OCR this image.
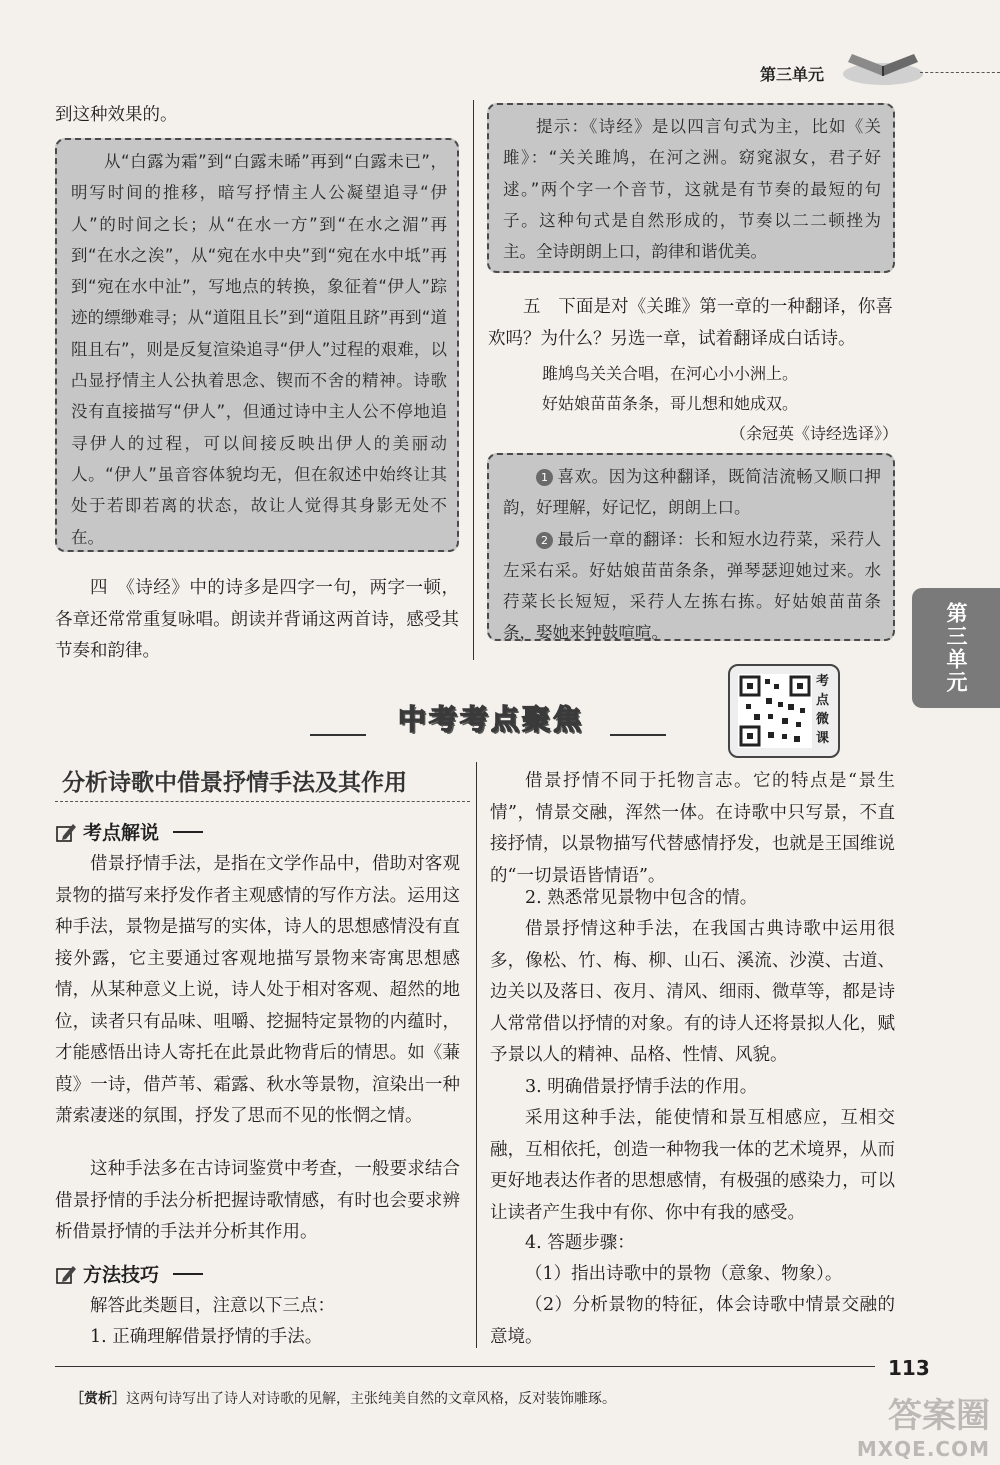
第三单元

到这种效果的。

从“白露为霜”到“白露未晞”再到“白露未已”，明写时间的推移，暗写抒情主人公凝望追寻“伊人”的时间之长；从“在水一方”到“在水之湄”再到“在水之涘”，从“宛在水中央”到“宛在水中坻”再到“宛在水中沚”，写地点的转换，象征着“伊人”踪迹的缥缈难寻；从“道阻且长”到“道阻且跻”再到“道阻且右”，则是反复渲染追寻“伊人”过程的艰难，以凸显抒情主人公执着思念、锲而不舍的精神。诗歌没有直接描写“伊人”，但通过诗中主人公不停地追寻伊人的过程，可以间接反映出伊人的美丽动人。“伊人”虽音容体貌均无，但在叙述中始终让其处于若即若离的状态，故让人觉得其身影无处不在。

四　《诗经》中的诗多是四字一句，两字一顿，各章还常常重复咏唱。朗读并背诵这两首诗，感受其节奏和韵律。

提示：《诗经》是以四言句式为主，比如《关雎》：“关关雎鸠，在河之洲。窈窕淑女，君子好逑。”两个字一个音节，这就是有节奏的最短的句子。这种句式是自然形成的，节奏以二二顿挫为主。全诗朗朗上口，韵律和谐优美。

五　下面是对《关雎》第一章的一种翻译，你喜欢吗？为什么？另选一章，试着翻译成白话诗。

雎鸠鸟关关合唱，在河心小小洲上。

好姑娘苗苗条条，哥儿想和她成双。

（余冠英《诗经选译》）

1 喜欢。因为这种翻译，既简洁流畅又顺口押韵，好理解，好记忆，朗朗上口。

2 最后一章的翻译：长和短水边荇菜，采荇人左采右采。好姑娘苗苗条条，弹琴瑟迎她过来。水荇菜长长短短，采荇人左拣右拣。好姑娘苗苗条条，娶她来钟鼓喧喧。	第三单元
中考考点聚焦
考点微课
分析诗歌中借景抒情手法及其作用
考点解说

借景抒情手法，是指在文学作品中，借助对客观景物的描写来抒发作者主观感情的写作方法。运用这种手法，景物是描写的实体，诗人的思想感情没有直接外露，它主要通过客观地描写景物来寄寓思想感情，从某种意义上说，诗人处于相对客观、超然的地位，读者只有品味、咀嚼、挖掘特定景物的内蕴时，才能感悟出诗人寄托在此景此物背后的情思。如《蒹葭》一诗，借芦苇、霜露、秋水等景物，渲染出一种萧索凄迷的氛围，抒发了思而不见的怅惘之情。

这种手法多在古诗词鉴赏中考查，一般要求结合借景抒情的手法分析把握诗歌情感，有时也会要求辨析借景抒情的手法并分析其作用。

方法技巧

解答此类题目，注意以下三点：

1. 正确理解借景抒情的手法。

借景抒情不同于托物言志。它的特点是“景生情”，情景交融，浑然一体。在诗歌中只写景，不直接抒情，以景物描写代替感情抒发，也就是王国维说的“一切景语皆情语”。

2. 熟悉常见景物中包含的情。

借景抒情这种手法，在我国古典诗歌中运用很多，像松、竹、梅、柳、山石、溪流、沙漠、古道、边关以及落日、夜月、清风、细雨、微草等，都是诗人常常借以抒情的对象。有的诗人还将景拟人化，赋予景以人的精神、品格、性情、风貌。

3. 明确借景抒情手法的作用。

采用这种手法，能使情和景互相感应，互相交融，互相依托，创造一种物我一体的艺术境界，从而更好地表达作者的思想感情，有极强的感染力，可以让读者产生我中有你、你中有我的感受。

4. 答题步骤：

（1）指出诗歌中的景物（意象、物象）。

（2）分析景物的特征，体会诗歌中情景交融的意境。

［赏析］这两句诗写出了诗人对诗歌的见解，主张纯美自然的文章风格，反对装饰雕琢。
113
答案圈
MXQE.COM
